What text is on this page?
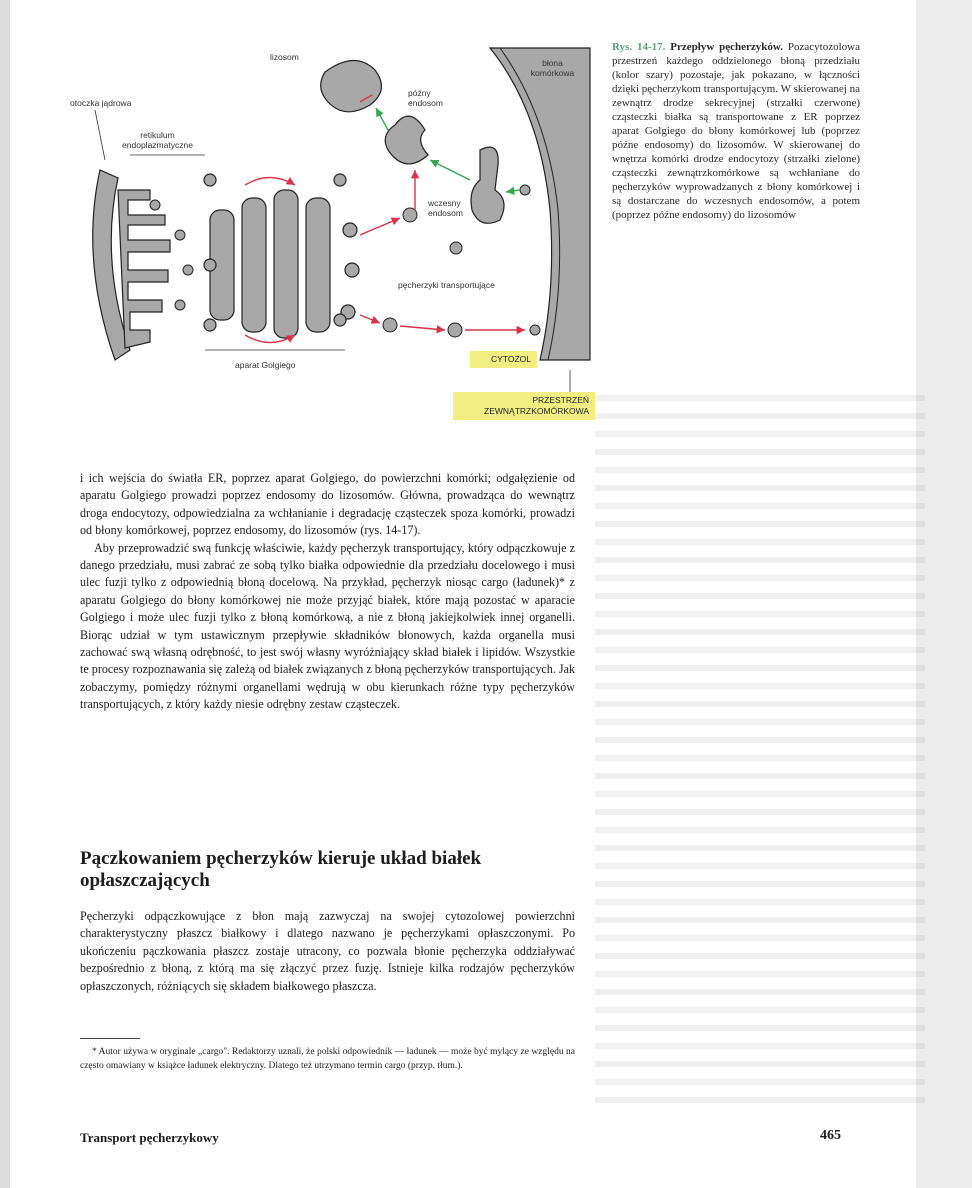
lizosom
otoczka jądrowa
retikulum endoplazmatyczne
późny endosom
błona komórkowa
wczesny endosom
pęcherzyki transportujące
aparat Golgiego
CYTOZOL
PRZESTRZEŃ ZEWNĄTRZKOMÓRKOWA
Rys. 14-17. Przepływ pęcherzyków. Pozacytozolowa przestrzeń każdego oddzielonego błoną przedziału (kolor szary) pozostaje, jak pokazano, w łączności dzięki pęcherzykom transportującym. W skierowanej na zewnątrz drodze sekrecyjnej (strzałki czerwone) cząsteczki białka są transportowane z ER poprzez aparat Golgiego do błony komórkowej lub (poprzez późne endosomy) do lizosomów. W skierowanej do wnętrza komórki drodze endocytozy (strzałki zielone) cząsteczki zewnątrzkomórkowe są wchłaniane do pęcherzyków wyprowadzanych z błony komórkowej i są dostarczane do wczesnych endosomów, a potem (poprzez późne endosomy) do lizosomów

i ich wejścia do światła ER, poprzez aparat Golgiego, do powierzchni komórki; odgałęzienie od aparatu Golgiego prowadzi poprzez endosomy do lizosomów. Główna, prowadząca do wewnątrz droga endocytozy, odpowiedzialna za wchłanianie i degradację cząsteczek spoza komórki, prowadzi od błony komórkowej, poprzez endosomy, do lizosomów (rys. 14-17).

Aby przeprowadzić swą funkcję właściwie, każdy pęcherzyk transportujący, który odpączkowuje z danego przedziału, musi zabrać ze sobą tylko białka odpowiednie dla przedziału docelowego i musi ulec fuzji tylko z odpowiednią błoną docelową. Na przykład, pęcherzyk niosąc cargo (ładunek)* z aparatu Golgiego do błony komórkowej nie może przyjąć białek, które mają pozostać w aparacie Golgiego i może ulec fuzji tylko z błoną komórkową, a nie z błoną jakiejkolwiek innej organelli. Biorąc udział w tym ustawicznym przepływie składników błonowych, każda organella musi zachować swą własną odrębność, to jest swój własny wyróżniający skład białek i lipidów. Wszystkie te procesy rozpoznawania się zależą od białek związanych z błoną pęcherzyków transportujących. Jak zobaczymy, pomiędzy różnymi organellami wędrują w obu kierunkach różne typy pęcherzyków transportujących, z który każdy niesie odrębny zestaw cząsteczek.

Pączkowaniem pęcherzyków kieruje układ białek opłaszczających
Pęcherzyki odpączkowujące z błon mają zazwyczaj na swojej cytozolowej powierzchni charakterystyczny płaszcz białkowy i dlatego nazwano je pęcherzykami opłaszczonymi. Po ukończeniu pączkowania płaszcz zostaje utracony, co pozwala błonie pęcherzyka oddziaływać bezpośrednio z błoną, z którą ma się złączyć przez fuzję. Istnieje kilka rodzajów pęcherzyków opłaszczonych, różniących się składem białkowego płaszcza.
* Autor używa w oryginale „cargo". Redaktorzy uznali, że polski odpowiednik — ładunek — może być mylący ze względu na często omawiany w książce ładunek elektryczny. Dlatego też utrzymano termin cargo (przyp. tłum.).
Transport pęcherzykowy	465
